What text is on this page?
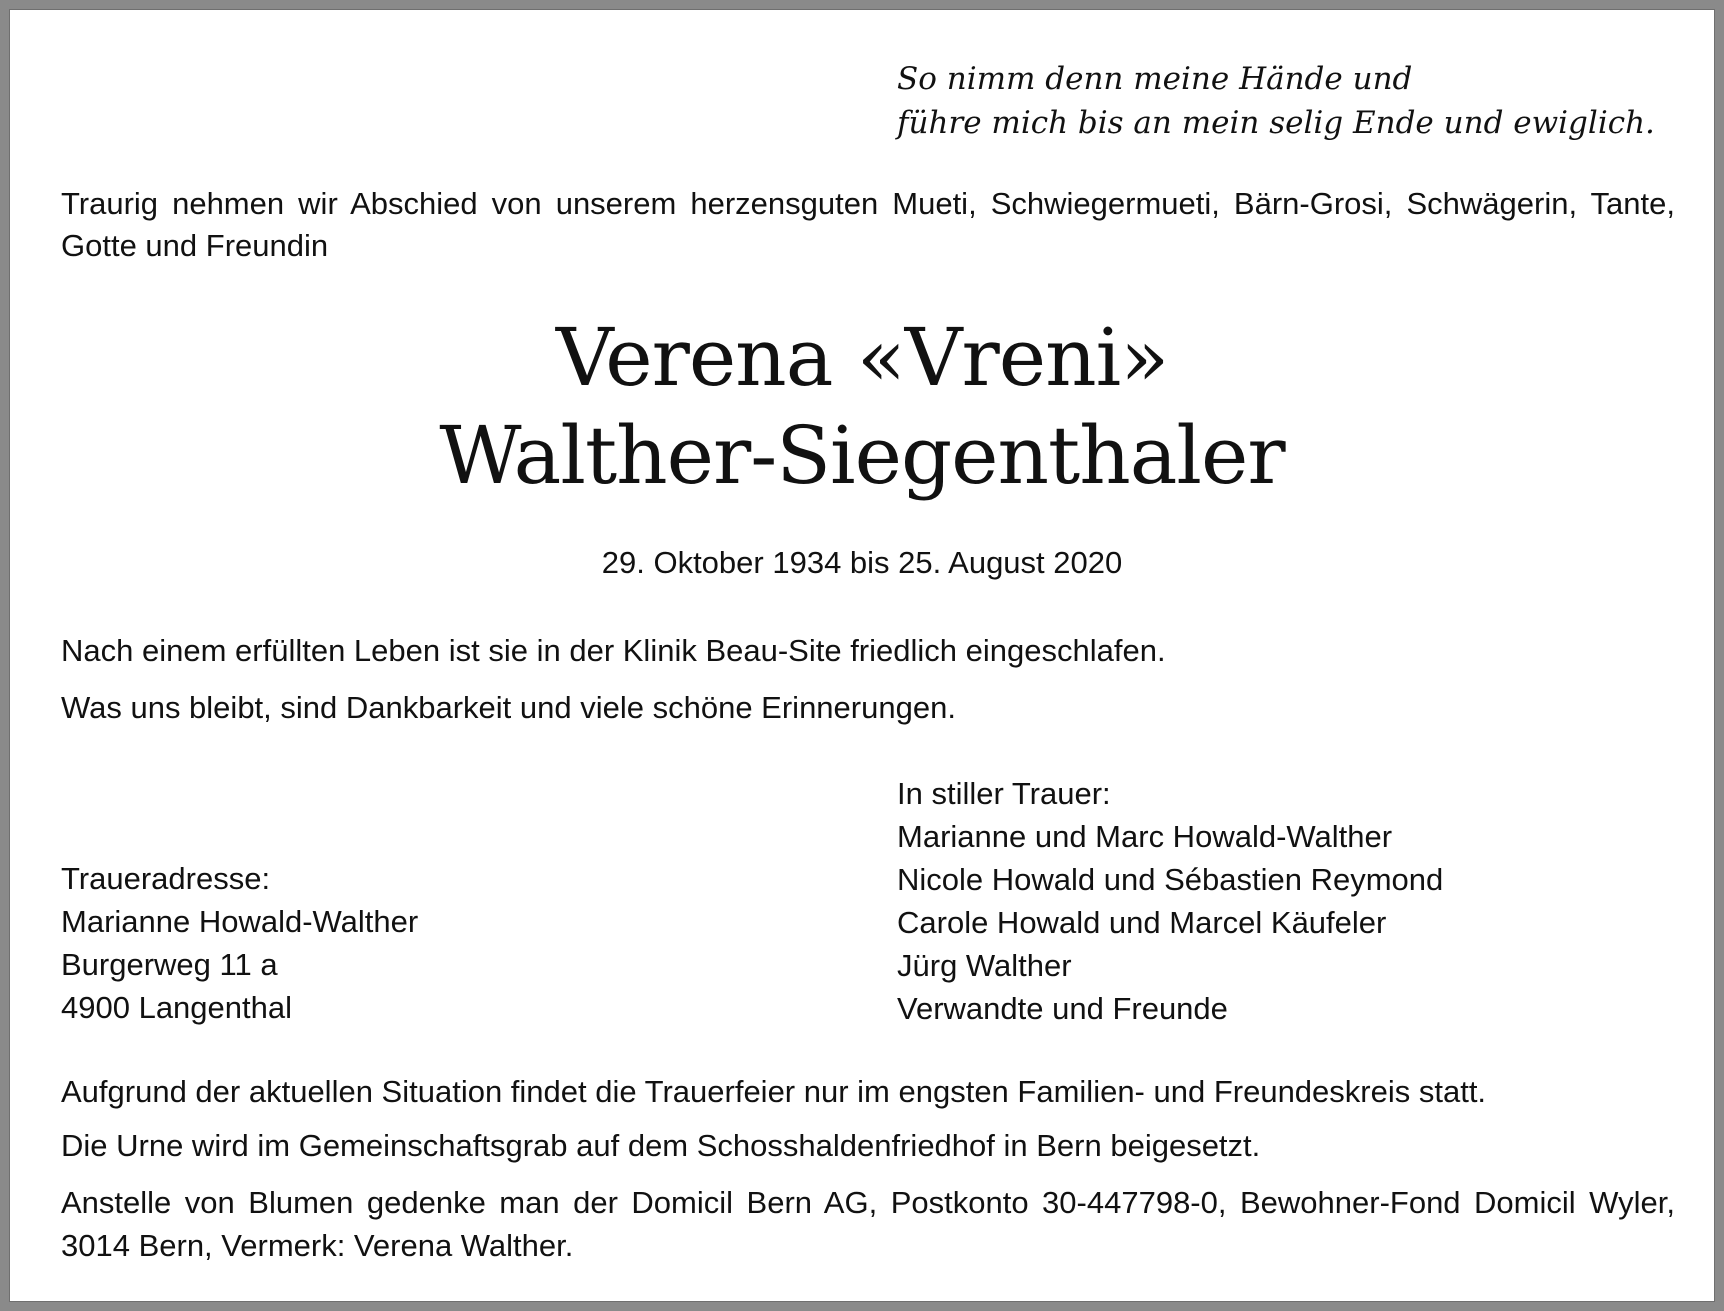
So nimm denn meine Hände und
führe mich bis an mein selig Ende und ewiglich.
Traurig nehmen wir Abschied von unserem herzensguten Mueti, Schwiegermueti, Bärn-Grosi, Schwägerin, Tante, Gotte und Freundin
Verena «Vreni»
Walther-Siegenthaler
29. Oktober 1934 bis 25. August 2020
Nach einem erfüllten Leben ist sie in der Klinik Beau-Site friedlich eingeschlafen.
Was uns bleibt, sind Dankbarkeit und viele schöne Erinnerungen.
Traueradresse:
Marianne Howald-Walther
Burgerweg 11 a
4900 Langenthal
In stiller Trauer:
Marianne und Marc Howald-Walther
Nicole Howald und Sébastien Reymond
Carole Howald und Marcel Käufeler
Jürg Walther
Verwandte und Freunde
Aufgrund der aktuellen Situation findet die Trauerfeier nur im engsten Familien- und Freundeskreis statt.
Die Urne wird im Gemeinschaftsgrab auf dem Schosshaldenfriedhof in Bern beigesetzt.
Anstelle von Blumen gedenke man der Domicil Bern AG, Postkonto 30-447798-0, Bewohner-Fond Domicil Wyler, 3014 Bern, Vermerk: Verena Walther.
